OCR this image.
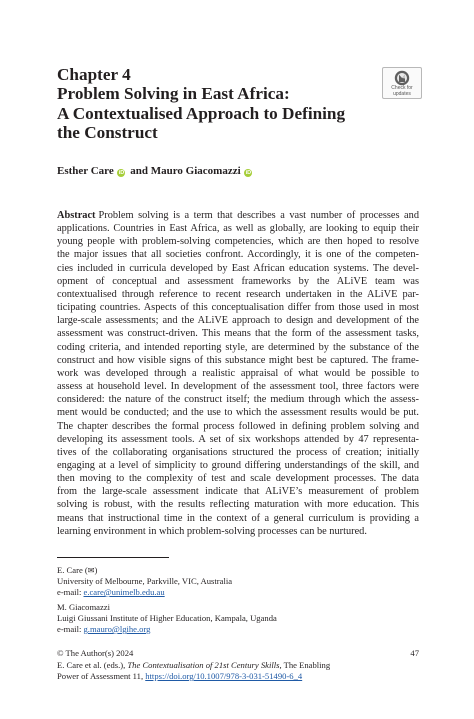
Chapter 4
Problem Solving in East Africa:
A Contextualised Approach to Defining
the Construct
Check for
updates
Esther Care iD and Mauro Giacomazzi iD
Abstract Problem solving is a term that describes a vast number of processes and
applications. Countries in East Africa, as well as globally, are looking to equip their
young people with problem-solving competencies, which are then hoped to resolve
the major issues that all societies confront. Accordingly, it is one of the competen-
cies included in curricula developed by East African education systems. The devel-
opment of conceptual and assessment frameworks by the ALiVE team was
contextualised through reference to recent research undertaken in the ALiVE par-
ticipating countries. Aspects of this conceptualisation differ from those used in most
large-scale assessments; and the ALiVE approach to design and development of the
assessment was construct-driven. This means that the form of the assessment tasks,
coding criteria, and intended reporting style, are determined by the substance of the
construct and how visible signs of this substance might best be captured. The frame-
work was developed through a realistic appraisal of what would be possible to
assess at household level. In development of the assessment tool, three factors were
considered: the nature of the construct itself; the medium through which the assess-
ment would be conducted; and the use to which the assessment results would be put.
The chapter describes the formal process followed in defining problem solving and
developing its assessment tools. A set of six workshops attended by 47 representa-
tives of the collaborating organisations structured the process of creation; initially
engaging at a level of simplicity to ground differing understandings of the skill, and
then moving to the complexity of test and scale development processes. The data
from the large-scale assessment indicate that ALiVE’s measurement of problem
solving is robust, with the results reflecting maturation with more education. This
means that instructional time in the context of a general curriculum is providing a
learning environment in which problem-solving processes can be nurtured.
E. Care (✉)
University of Melbourne, Parkville, VIC, Australia
e-mail: e.care@unimelb.edu.au
M. Giacomazzi
Luigi Giussani Institute of Higher Education, Kampala, Uganda
e-mail: g.mauro@lgihe.org
© The Author(s) 2024	47
E. Care et al. (eds.), The Contextualisation of 21st Century Skills, The Enabling
Power of Assessment 11, https://doi.org/10.1007/978-3-031-51490-6_4
